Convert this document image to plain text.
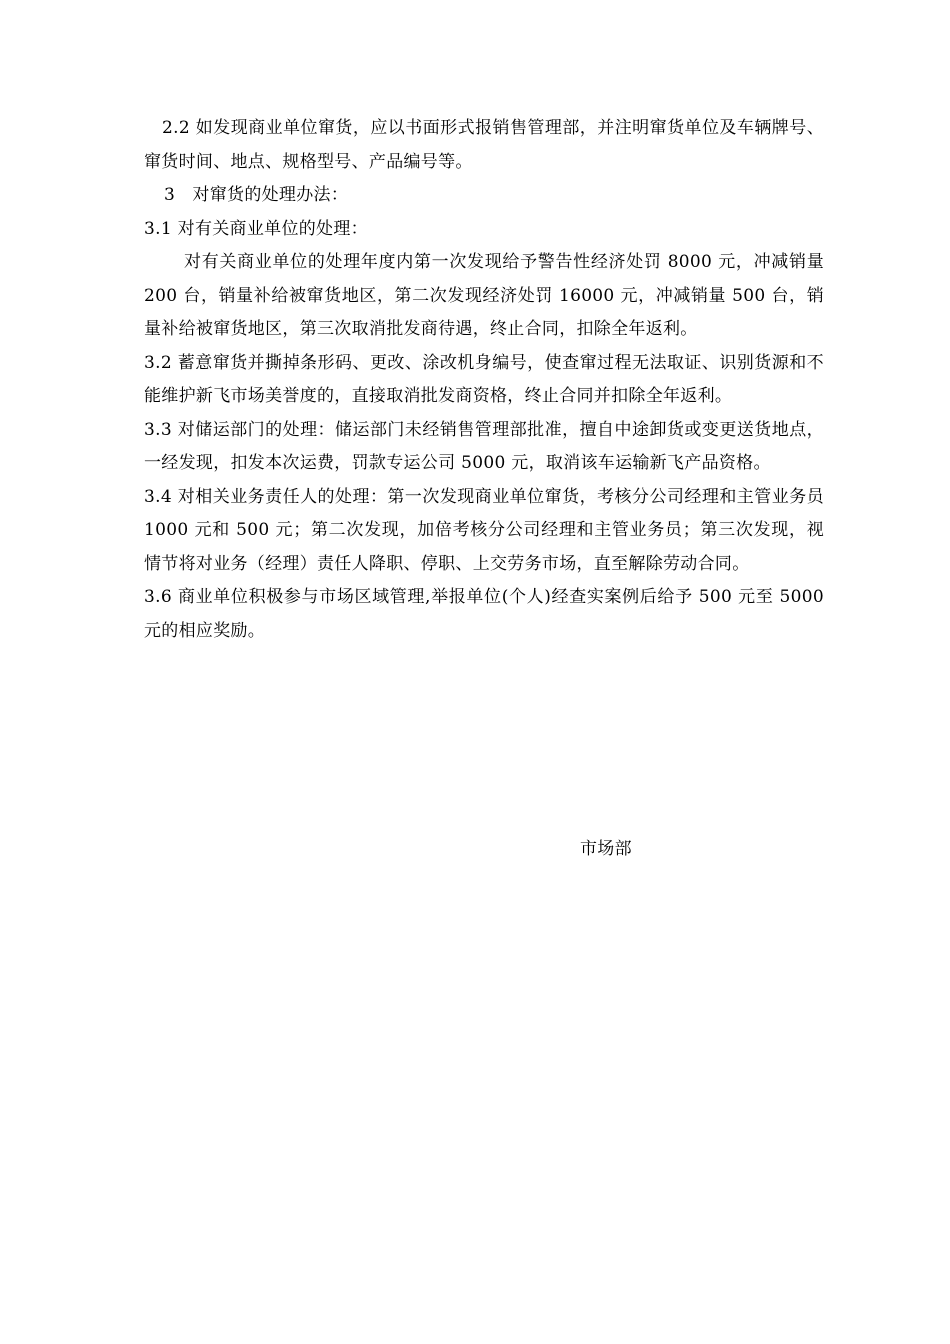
2.2 如发现商业单位窜货，应以书面形式报销售管理部，并注明窜货单位及车辆牌号、窜货时间、地点、规格型号、产品编号等。

3　对窜货的处理办法：

3.1 对有关商业单位的处理：

对有关商业单位的处理年度内第一次发现给予警告性经济处罚 8000 元，冲减销量 200 台，销量补给被窜货地区，第二次发现经济处罚 16000 元，冲减销量 500 台，销量补给被窜货地区，第三次取消批发商待遇，终止合同，扣除全年返利。

3.2 蓄意窜货并撕掉条形码、更改、涂改机身编号，使查窜过程无法取证、识别货源和不能维护新飞市场美誉度的，直接取消批发商资格，终止合同并扣除全年返利。

3.3 对储运部门的处理：储运部门未经销售管理部批准，擅自中途卸货或变更送货地点，一经发现，扣发本次运费，罚款专运公司 5000 元，取消该车运输新飞产品资格。

3.4 对相关业务责任人的处理：第一次发现商业单位窜货，考核分公司经理和主管业务员 1000 元和 500 元；第二次发现，加倍考核分公司经理和主管业务员；第三次发现，视情节将对业务（经理）责任人降职、停职、上交劳务市场，直至解除劳动合同。

3.6 商业单位积极参与市场区域管理,举报单位(个人)经查实案例后给予 500 元至 5000 元的相应奖励。

市场部
